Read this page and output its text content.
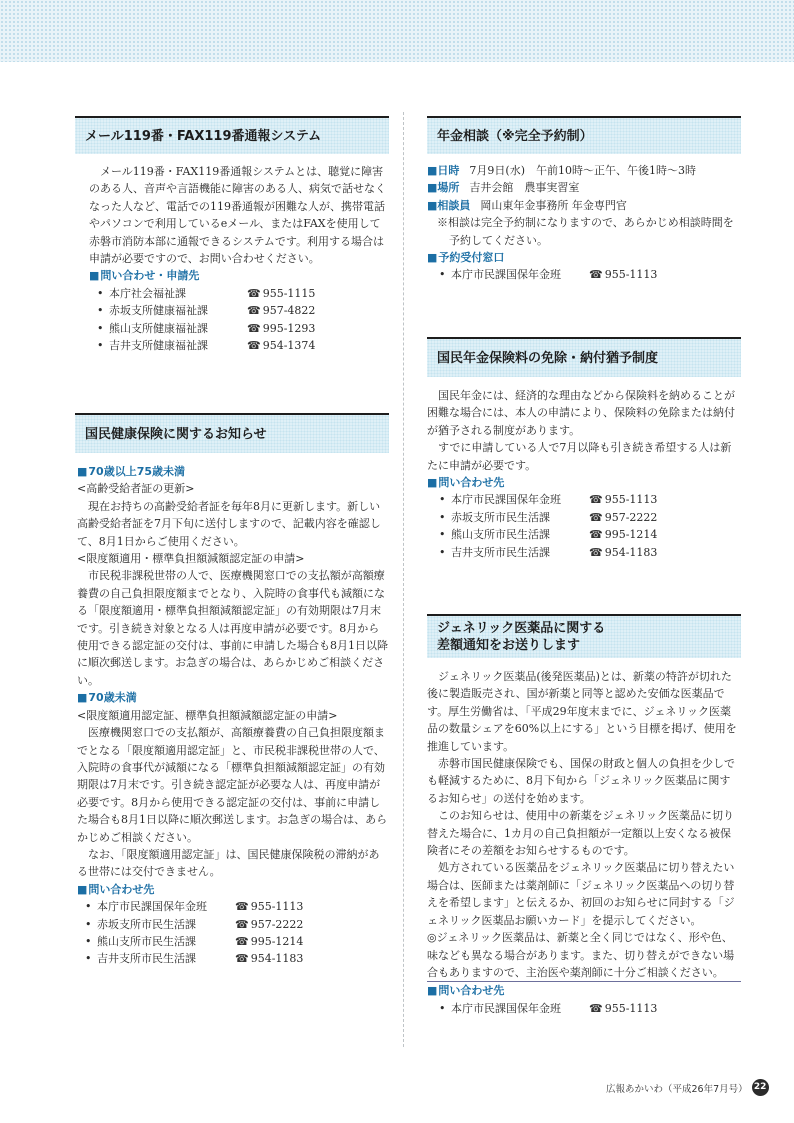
メール119番・FAX119番通報システム

メール119番・FAX119番通報システムとは、聴覚に障害のある人、音声や言語機能に障害のある人、病気で話せなくなった人など、電話での119番通報が困難な人が、携帯電話やパソコンで利用しているeメール、またはFAXを使用して赤磐市消防本部に通報できるシステムです。利用する場合は申請が必要ですので、お問い合わせください。

■ 問い合わせ・申請先
• 本庁社会福祉課	☎ 955-1115
• 赤坂支所健康福祉課	☎ 957-4822
• 熊山支所健康福祉課	☎ 995-1293
• 吉井支所健康福祉課	☎ 954-1374
国民健康保険に関するお知らせ
■ 70歳以上75歳未満
<高齢受給者証の更新>

現在お持ちの高齢受給者証を毎年8月に更新します。新しい高齢受給者証を7月下旬に送付しますので、記載内容を確認して、8月1日からご使用ください。

<限度額適用・標準負担額減額認定証の申請>

市民税非課税世帯の人で、医療機関窓口での支払額が高額療養費の自己負担限度額までとなり、入院時の食事代も減額になる「限度額適用・標準負担額減額認定証」の有効期限は7月末です。引き続き対象となる人は再度申請が必要です。8月から使用できる認定証の交付は、事前に申請した場合も8月1日以降に順次郵送します。お急ぎの場合は、あらかじめご相談ください。

■ 70歳未満
<限度額適用認定証、標準負担額減額認定証の申請>

医療機関窓口での支払額が、高額療養費の自己負担限度額までとなる「限度額適用認定証」と、市民税非課税世帯の人で、入院時の食事代が減額になる「標準負担額減額認定証」の有効期限は7月末です。引き続き認定証が必要な人は、再度申請が必要です。8月から使用できる認定証の交付は、事前に申請した場合も8月1日以降に順次郵送します。お急ぎの場合は、あらかじめご相談ください。

なお、「限度額適用認定証」は、国民健康保険税の滞納がある世帯には交付できません。

■ 問い合わせ先
• 本庁市民課国保年金班	☎ 955-1113
• 赤坂支所市民生活課	☎ 957-2222
• 熊山支所市民生活課	☎ 995-1214
• 吉井支所市民生活課	☎ 954-1183
年金相談（※完全予約制）
■ 日時 7月9日(水)　午前10時～正午、午後1時～3時
■ 場所 吉井会館　農事実習室
■ 相談員 岡山東年金事務所 年金専門官
※相談は完全予約制になりますので、あらかじめ相談時間を予約してください。
■ 予約受付窓口
• 本庁市民課国保年金班	☎ 955-1113
国民年金保険料の免除・納付猶予制度

国民年金には、経済的な理由などから保険料を納めることが困難な場合には、本人の申請により、保険料の免除または納付が猶予される制度があります。

すでに申請している人で7月以降も引き続き希望する人は新たに申請が必要です。

■ 問い合わせ先
• 本庁市民課国保年金班	☎ 955-1113
• 赤坂支所市民生活課	☎ 957-2222
• 熊山支所市民生活課	☎ 995-1214
• 吉井支所市民生活課	☎ 954-1183
ジェネリック医薬品に関する
差額通知をお送りします

ジェネリック医薬品(後発医薬品)とは、新薬の特許が切れた後に製造販売され、国が新薬と同等と認めた安価な医薬品です。厚生労働省は、「平成29年度末までに、ジェネリック医薬品の数量シェアを60%以上にする」という目標を掲げ、使用を推進しています。

赤磐市国民健康保険でも、国保の財政と個人の負担を少しでも軽減するために、8月下旬から「ジェネリック医薬品に関するお知らせ」の送付を始めます。

このお知らせは、使用中の新薬をジェネリック医薬品に切り替えた場合に、1カ月の自己負担額が一定額以上安くなる被保険者にその差額をお知らせするものです。

処方されている医薬品をジェネリック医薬品に切り替えたい場合は、医師または薬剤師に「ジェネリック医薬品への切り替えを希望します」と伝えるか、初回のお知らせに同封する「ジェネリック医薬品お願いカード」を提示してください。

◎ジェネリック医薬品は、新薬と全く同じではなく、形や色、味なども異なる場合があります。また、切り替えができない場合もありますので、主治医や薬剤師に十分ご相談ください。

■ 問い合わせ先
• 本庁市民課国保年金班	☎ 955-1113
広報あかいわ（平成26年7月号） 22
